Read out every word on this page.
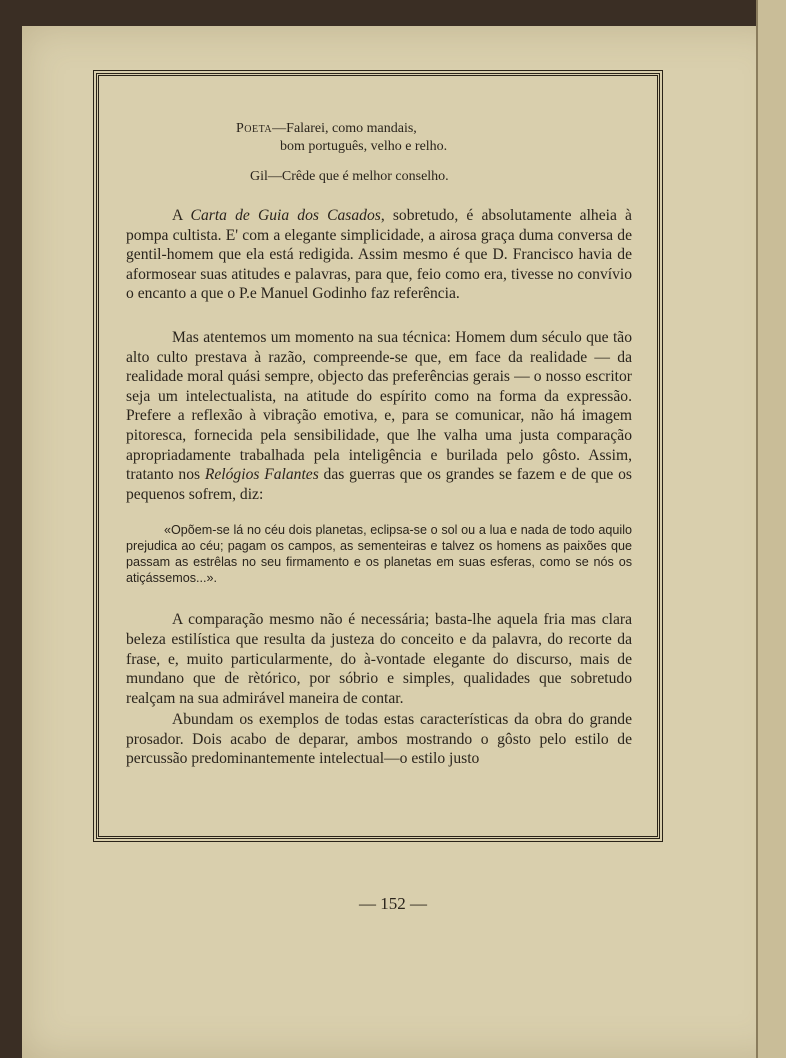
Poeta—Falarei, como mandais,
bom português, velho e relho.
Gil—Crêde que é melhor conselho.

A Carta de Guia dos Casados, sobretudo, é absolutamente alheia à pompa cultista. E' com a elegante simplicidade, a airosa graça duma conversa de gentil-homem que ela está redigida. Assim mesmo é que D. Francisco havia de aformosear suas atitudes e palavras, para que, feio como era, tivesse no convívio o encanto a que o P.e Manuel Godinho faz referência.

Mas atentemos um momento na sua técnica: Homem dum século que tão alto culto prestava à razão, compreende-se que, em face da realidade — da realidade moral quási sempre, objecto das preferências gerais — o nosso escritor seja um intelectualista, na atitude do espírito como na forma da expressão. Prefere a reflexão à vibração emotiva, e, para se comunicar, não há imagem pitoresca, fornecida pela sensibilidade, que lhe valha uma justa comparação apropriadamente trabalhada pela inteligência e burilada pelo gôsto. Assim, tratanto nos Relógios Falantes das guerras que os grandes se fazem e de que os pequenos sofrem, diz:

«Opõem-se lá no céu dois planetas, eclipsa-se o sol ou a lua e nada de todo aquilo prejudica ao céu; pagam os campos, as sementeiras e talvez os homens as paixões que passam as estrêlas no seu firmamento e os planetas em suas esferas, como se nós os atiçássemos...».

A comparação mesmo não é necessária; basta-lhe aquela fria mas clara beleza estilística que resulta da justeza do conceito e da palavra, do recorte da frase, e, muito particularmente, do à-vontade elegante do discurso, mais de mundano que de rètórico, por sóbrio e simples, qualidades que sobretudo realçam na sua admirável maneira de contar.

Abundam os exemplos de todas estas características da obra do grande prosador. Dois acabo de deparar, ambos mostrando o gôsto pelo estilo de percussão predominantemente intelectual—o estilo justo

— 152 —
